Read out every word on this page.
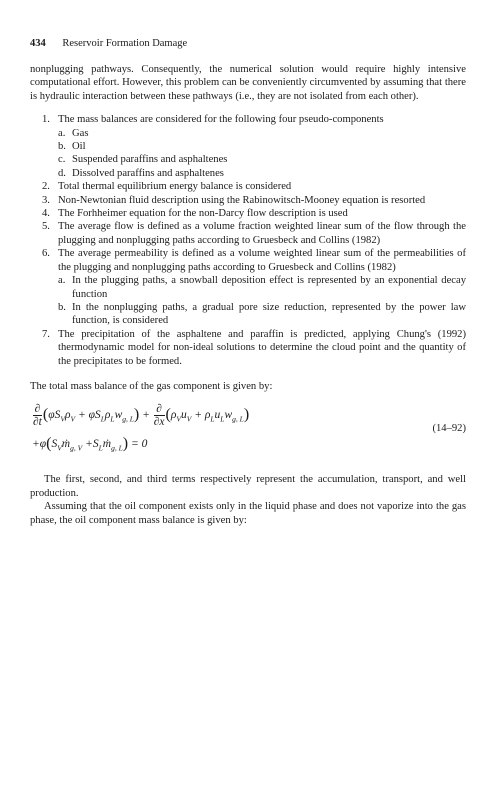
434 Reservoir Formation Damage

nonplugging pathways. Consequently, the numerical solution would require highly intensive computational effort. However, this problem can be conveniently circumvented by assuming that there is hydraulic interaction between these pathways (i.e., they are not isolated from each other).

1. The mass balances are considered for the following four pseudo-components
a. Gas
b. Oil
c. Suspended paraffins and asphaltenes
d. Dissolved paraffins and asphaltenes
2. Total thermal equilibrium energy balance is considered
3. Non-Newtonian fluid description using the Rabinowitsch-Mooney equation is resorted
4. The Forhheimer equation for the non-Darcy flow description is used
5. The average flow is defined as a volume fraction weighted linear sum of the flow through the plugging and nonplugging paths according to Gruesbeck and Collins (1982)
6. The average permeability is defined as a volume weighted linear sum of the permeabilities of the plugging and nonplugging paths according to Gruesbeck and Collins (1982)
a. In the plugging paths, a snowball deposition effect is represented by an exponential decay function
b. In the nonplugging paths, a gradual pore size reduction, represented by the power law function, is considered
7. The precipitation of the asphaltene and paraffin is predicted, applying Chung's (1992) thermodynamic model for non-ideal solutions to determine the cloud point and the quantity of the precipitates to be formed.

The total mass balance of the gas component is given by:

$\frac{\partial}{\partial t} (\varphi S_V\rho_V + \varphi S_L\rho_Lw_{g, L}) + \frac{\partial}{\partial x} (\rho_Vu_V + \rho_Lu_Lw_{g, L})$
$+\varphi(S_Vṁ_{g, V}$ $+S_Lṁ_{g, L}) = 0$
(14–92)

The first, second, and third terms respectively represent the accumulation, transport, and well production.

Assuming that the oil component exists only in the liquid phase and does not vaporize into the gas phase, the oil component mass balance is given by:
